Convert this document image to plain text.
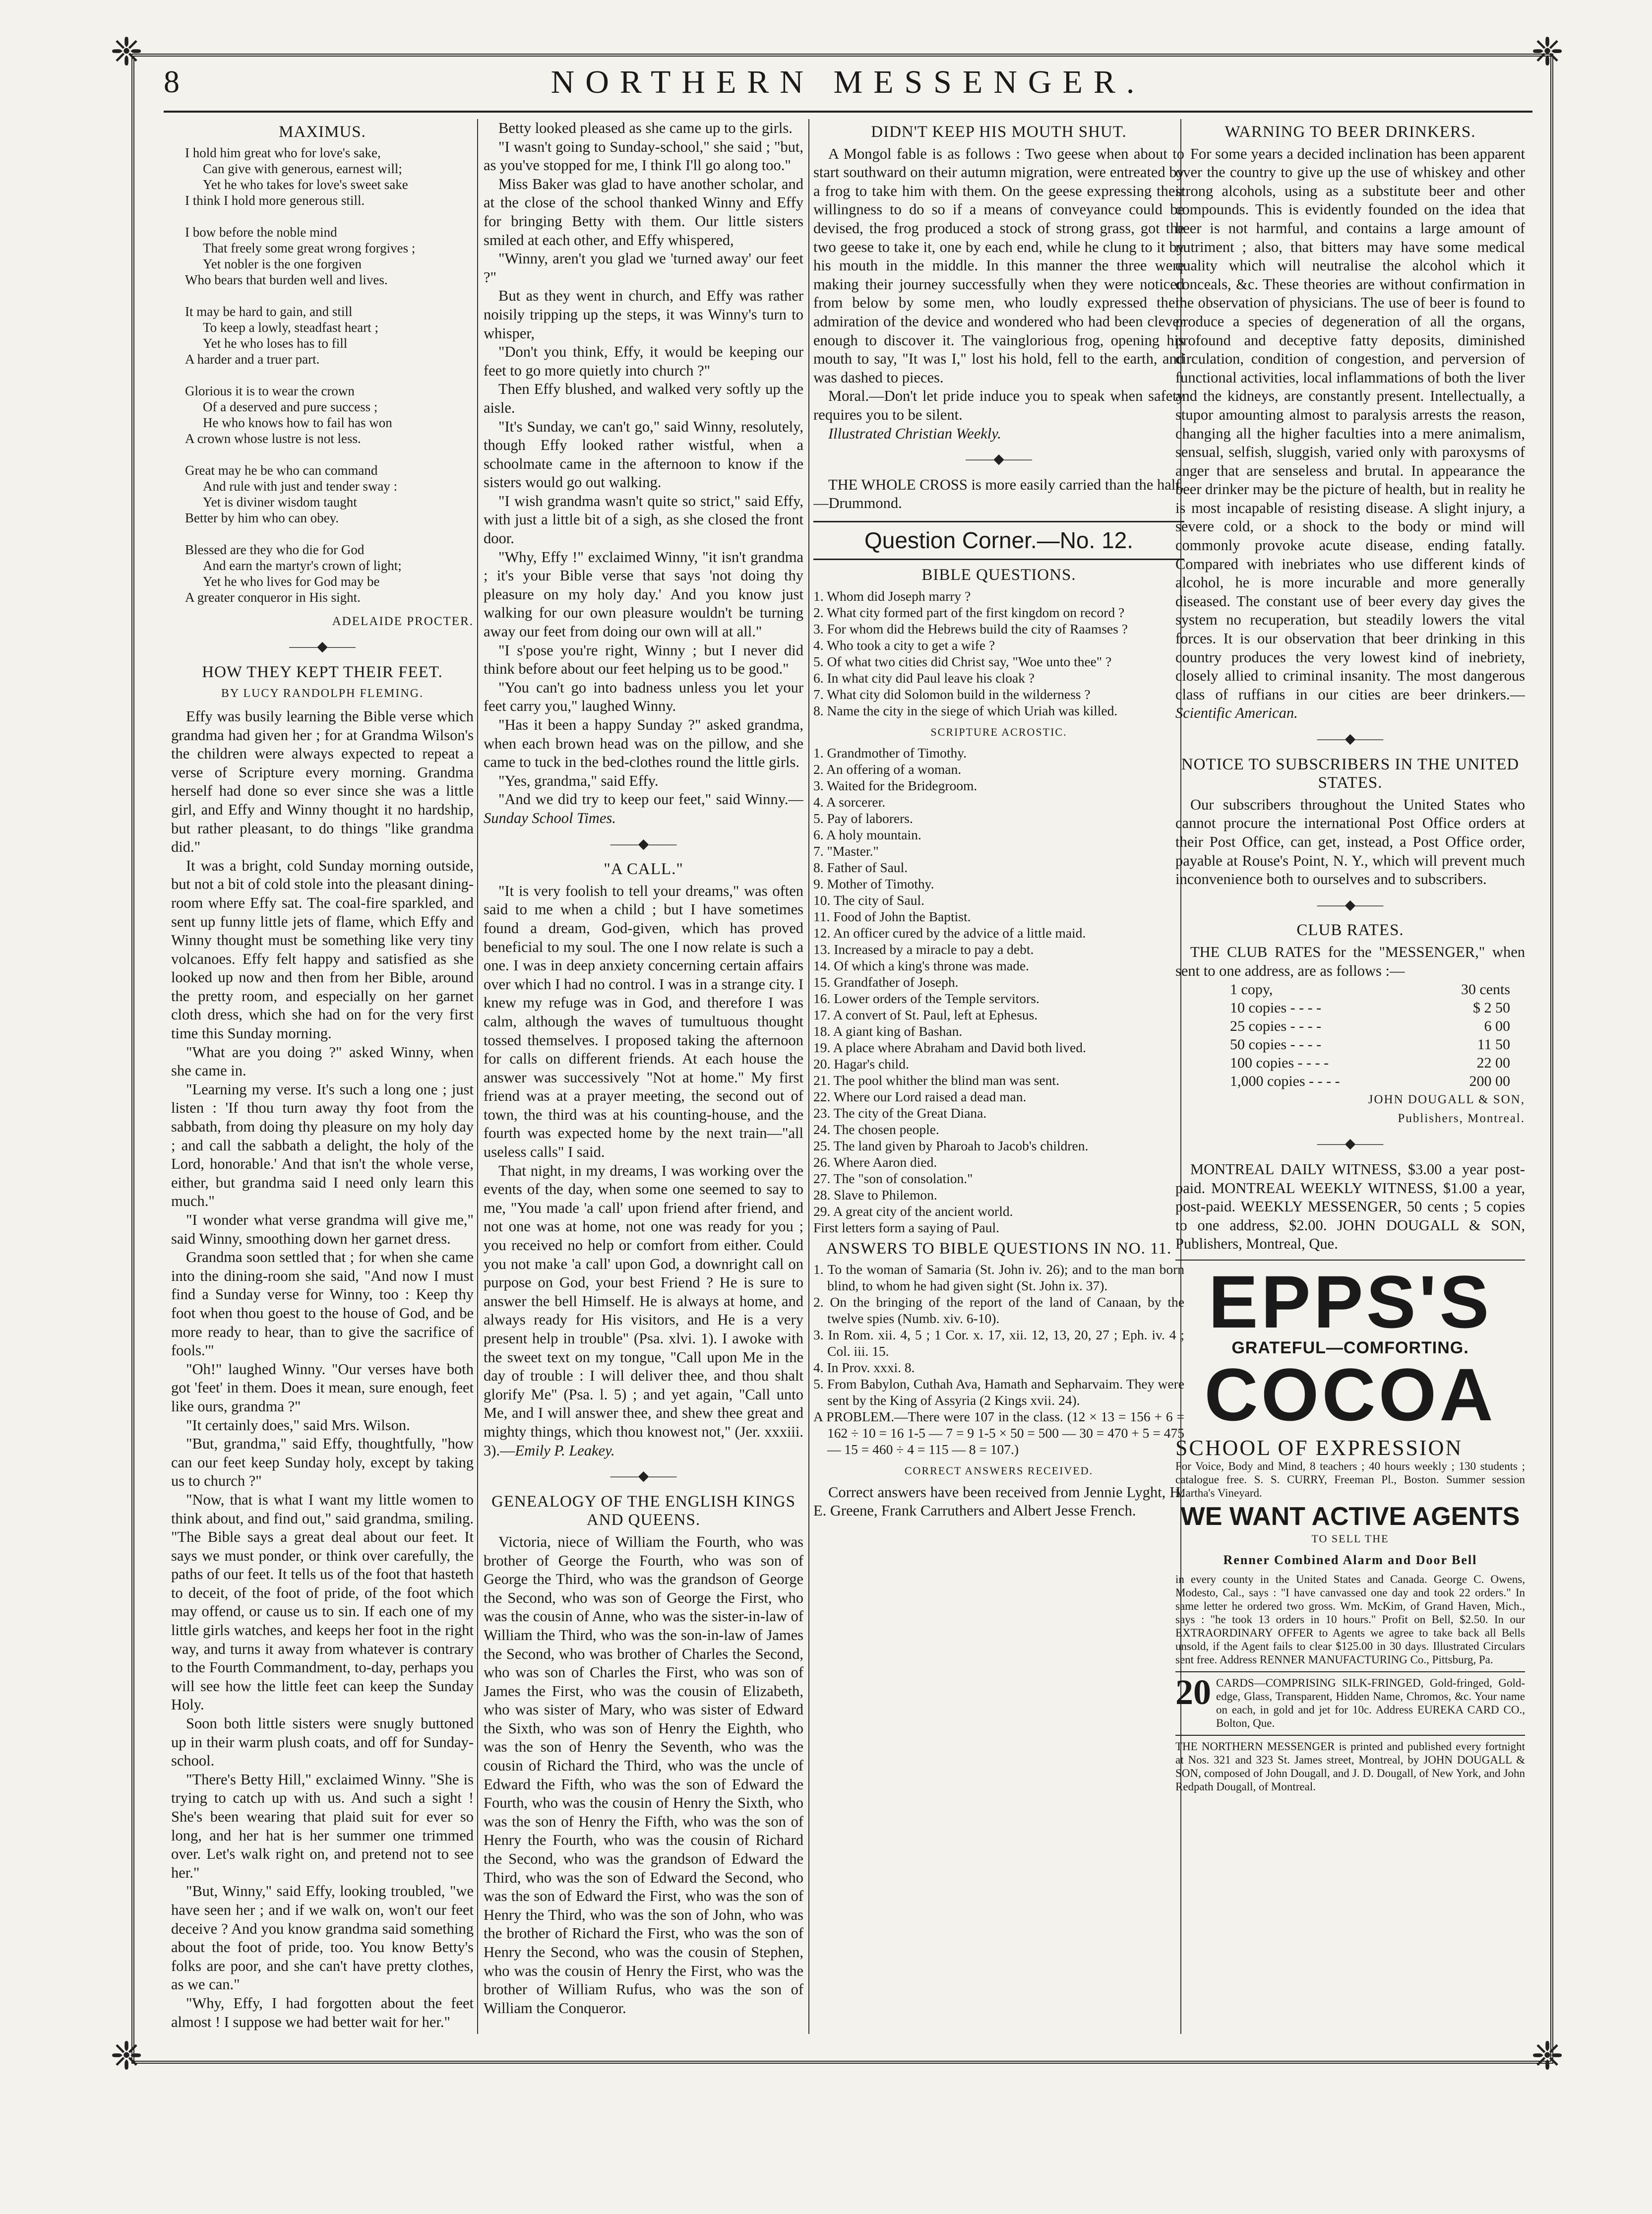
❈	❈
❈	❈
8	NORTHERN MESSENGER.
MAXIMUS.
I hold him great who for love's sake,
Can give with generous, earnest will;
Yet he who takes for love's sweet sake
I think I hold more generous still.

I bow before the noble mind
That freely some great wrong forgives ;
Yet nobler is the one forgiven
Who bears that burden well and lives.

It may be hard to gain, and still
To keep a lowly, steadfast heart ;
Yet he who loses has to fill
A harder and a truer part.

Glorious it is to wear the crown
Of a deserved and pure success ;
He who knows how to fail has won
A crown whose lustre is not less.

Great may he be who can command
And rule with just and tender sway :
Yet is diviner wisdom taught
Better by him who can obey.

Blessed are they who die for God
And earn the martyr's crown of light;
Yet he who lives for God may be
A greater conqueror in His sight.
ADELAIDE PROCTER.
——◆——
HOW THEY KEPT THEIR FEET.
BY LUCY RANDOLPH FLEMING.

Effy was busily learning the Bible verse which grandma had given her ; for at Grandma Wilson's the children were always expected to repeat a verse of Scripture every morning. Grandma herself had done so ever since she was a little girl, and Effy and Winny thought it no hardship, but rather pleasant, to do things "like grandma did."

It was a bright, cold Sunday morning outside, but not a bit of cold stole into the pleasant dining-room where Effy sat. The coal-fire sparkled, and sent up funny little jets of flame, which Effy and Winny thought must be something like very tiny volcanoes. Effy felt happy and satisfied as she looked up now and then from her Bible, around the pretty room, and especially on her garnet cloth dress, which she had on for the very first time this Sunday morning.

"What are you doing ?" asked Winny, when she came in.

"Learning my verse. It's such a long one ; just listen : 'If thou turn away thy foot from the sabbath, from doing thy pleasure on my holy day ; and call the sabbath a delight, the holy of the Lord, honorable.' And that isn't the whole verse, either, but grandma said I need only learn this much."

"I wonder what verse grandma will give me," said Winny, smoothing down her garnet dress.

Grandma soon settled that ; for when she came into the dining-room she said, "And now I must find a Sunday verse for Winny, too : Keep thy foot when thou goest to the house of God, and be more ready to hear, than to give the sacrifice of fools.'"

"Oh!" laughed Winny. "Our verses have both got 'feet' in them. Does it mean, sure enough, feet like ours, grandma ?"

"It certainly does," said Mrs. Wilson.

"But, grandma," said Effy, thoughtfully, "how can our feet keep Sunday holy, except by taking us to church ?"

"Now, that is what I want my little women to think about, and find out," said grandma, smiling. "The Bible says a great deal about our feet. It says we must ponder, or think over carefully, the paths of our feet. It tells us of the foot that hasteth to deceit, of the foot of pride, of the foot which may offend, or cause us to sin. If each one of my little girls watches, and keeps her foot in the right way, and turns it away from whatever is contrary to the Fourth Commandment, to-day, perhaps you will see how the little feet can keep the Sunday Holy.

Soon both little sisters were snugly buttoned up in their warm plush coats, and off for Sunday-school.

"There's Betty Hill," exclaimed Winny. "She is trying to catch up with us. And such a sight ! She's been wearing that plaid suit for ever so long, and her hat is her summer one trimmed over. Let's walk right on, and pretend not to see her."

"But, Winny," said Effy, looking troubled, "we have seen her ; and if we walk on, won't our feet deceive ? And you know grandma said something about the foot of pride, too. You know Betty's folks are poor, and she can't have pretty clothes, as we can."

"Why, Effy, I had forgotten about the feet almost ! I suppose we had better wait for her."

Betty looked pleased as she came up to the girls.

"I wasn't going to Sunday-school," she said ; "but, as you've stopped for me, I think I'll go along too."

Miss Baker was glad to have another scholar, and at the close of the school thanked Winny and Effy for bringing Betty with them. Our little sisters smiled at each other, and Effy whispered,

"Winny, aren't you glad we 'turned away' our feet ?"

But as they went in church, and Effy was rather noisily tripping up the steps, it was Winny's turn to whisper,

"Don't you think, Effy, it would be keeping our feet to go more quietly into church ?"

Then Effy blushed, and walked very softly up the aisle.

"It's Sunday, we can't go," said Winny, resolutely, though Effy looked rather wistful, when a schoolmate came in the afternoon to know if the sisters would go out walking.

"I wish grandma wasn't quite so strict," said Effy, with just a little bit of a sigh, as she closed the front door.

"Why, Effy !" exclaimed Winny, "it isn't grandma ; it's your Bible verse that says 'not doing thy pleasure on my holy day.' And you know just walking for our own pleasure wouldn't be turning away our feet from doing our own will at all."

"I s'pose you're right, Winny ; but I never did think before about our feet helping us to be good."

"You can't go into badness unless you let your feet carry you," laughed Winny.

"Has it been a happy Sunday ?" asked grandma, when each brown head was on the pillow, and she came to tuck in the bed-clothes round the little girls.

"Yes, grandma," said Effy.

"And we did try to keep our feet," said Winny.—Sunday School Times.

——◆——
"A CALL."

"It is very foolish to tell your dreams," was often said to me when a child ; but I have sometimes found a dream, God-given, which has proved beneficial to my soul. The one I now relate is such a one. I was in deep anxiety concerning certain affairs over which I had no control. I was in a strange city. I knew my refuge was in God, and therefore I was calm, although the waves of tumultuous thought tossed themselves. I proposed taking the afternoon for calls on different friends. At each house the answer was successively "Not at home." My first friend was at a prayer meeting, the second out of town, the third was at his counting-house, and the fourth was expected home by the next train—"all useless calls" I said.

That night, in my dreams, I was working over the events of the day, when some one seemed to say to me, "You made 'a call' upon friend after friend, and not one was at home, not one was ready for you ; you received no help or comfort from either. Could you not make 'a call' upon God, a downright call on purpose on God, your best Friend ? He is sure to answer the bell Himself. He is always at home, and always ready for His visitors, and He is a very present help in trouble" (Psa. xlvi. 1). I awoke with the sweet text on my tongue, "Call upon Me in the day of trouble : I will deliver thee, and thou shalt glorify Me" (Psa. l. 5) ; and yet again, "Call unto Me, and I will answer thee, and shew thee great and mighty things, which thou knowest not," (Jer. xxxiii. 3).—Emily P. Leakey.

——◆——
GENEALOGY OF THE ENGLISH KINGS AND QUEENS.

Victoria, niece of William the Fourth, who was brother of George the Fourth, who was son of George the Third, who was the grandson of George the Second, who was son of George the First, who was the cousin of Anne, who was the sister-in-law of William the Third, who was the son-in-law of James the Second, who was brother of Charles the Second, who was son of Charles the First, who was son of James the First, who was the cousin of Elizabeth, who was sister of Mary, who was sister of Edward the Sixth, who was son of Henry the Eighth, who was the son of Henry the Seventh, who was the cousin of Richard the Third, who was the uncle of Edward the Fifth, who was the son of Edward the Fourth, who was the cousin of Henry the Sixth, who was the son of Henry the Fifth, who was the son of Henry the Fourth, who was the cousin of Richard the Second, who was the grandson of Edward the Third, who was the son of Edward the Second, who was the son of Edward the First, who was the son of Henry the Third, who was the son of John, who was the brother of Richard the First, who was the son of Henry the Second, who was the cousin of Stephen, who was the cousin of Henry the First, who was the brother of William Rufus, who was the son of William the Conqueror.

DIDN'T KEEP HIS MOUTH SHUT.

A Mongol fable is as follows : Two geese when about to start southward on their autumn migration, were entreated by a frog to take him with them. On the geese expressing their willingness to do so if a means of conveyance could be devised, the frog produced a stock of strong grass, got the two geese to take it, one by each end, while he clung to it by his mouth in the middle. In this manner the three were making their journey successfully when they were noticed from below by some men, who loudly expressed their admiration of the device and wondered who had been clever enough to discover it. The vainglorious frog, opening his mouth to say, "It was I," lost his hold, fell to the earth, and was dashed to pieces.

Moral.—Don't let pride induce you to speak when safety requires you to be silent.

Illustrated Christian Weekly.

——◆——

THE WHOLE CROSS is more easily carried than the half.—Drummond.

Question Corner.—No. 12.
BIBLE QUESTIONS.
1. Whom did Joseph marry ?
2. What city formed part of the first kingdom on record ?
3. For whom did the Hebrews build the city of Raamses ?
4. Who took a city to get a wife ?
5. Of what two cities did Christ say, "Woe unto thee" ?
6. In what city did Paul leave his cloak ?
7. What city did Solomon build in the wilderness ?
8. Name the city in the siege of which Uriah was killed.
SCRIPTURE ACROSTIC.
1. Grandmother of Timothy.
2. An offering of a woman.
3. Waited for the Bridegroom.
4. A sorcerer.
5. Pay of laborers.
6. A holy mountain.
7. "Master."
8. Father of Saul.
9. Mother of Timothy.
10. The city of Saul.
11. Food of John the Baptist.
12. An officer cured by the advice of a little maid.
13. Increased by a miracle to pay a debt.
14. Of which a king's throne was made.
15. Grandfather of Joseph.
16. Lower orders of the Temple servitors.
17. A convert of St. Paul, left at Ephesus.
18. A giant king of Bashan.
19. A place where Abraham and David both lived.
20. Hagar's child.
21. The pool whither the blind man was sent.
22. Where our Lord raised a dead man.
23. The city of the Great Diana.
24. The chosen people.
25. The land given by Pharoah to Jacob's children.
26. Where Aaron died.
27. The "son of consolation."
28. Slave to Philemon.
29. A great city of the ancient world.
First letters form a saying of Paul.
ANSWERS TO BIBLE QUESTIONS IN NO. 11.
1. To the woman of Samaria (St. John iv. 26); and to the man born blind, to whom he had given sight (St. John ix. 37).
2. On the bringing of the report of the land of Canaan, by the twelve spies (Numb. xiv. 6-10).
3. In Rom. xii. 4, 5 ; 1 Cor. x. 17, xii. 12, 13, 20, 27 ; Eph. iv. 4 ; Col. iii. 15.
4. In Prov. xxxi. 8.
5. From Babylon, Cuthah Ava, Hamath and Sepharvaim. They were sent by the King of Assyria (2 Kings xvii. 24).
A PROBLEM.—There were 107 in the class. (12 × 13 = 156 + 6 = 162 ÷ 10 = 16 1-5 — 7 = 9 1-5 × 50 = 500 — 30 = 470 + 5 = 475 — 15 = 460 ÷ 4 = 115 — 8 = 107.)
CORRECT ANSWERS RECEIVED.

Correct answers have been received from Jennie Lyght, H. E. Greene, Frank Carruthers and Albert Jesse French.

WARNING TO BEER DRINKERS.

For some years a decided inclination has been apparent over the country to give up the use of whiskey and other strong alcohols, using as a substitute beer and other compounds. This is evidently founded on the idea that beer is not harmful, and contains a large amount of nutriment ; also, that bitters may have some medical quality which will neutralise the alcohol which it conceals, &c. These theories are without confirmation in the observation of physicians. The use of beer is found to produce a species of degeneration of all the organs, profound and deceptive fatty deposits, diminished circulation, condition of congestion, and perversion of functional activities, local inflammations of both the liver and the kidneys, are constantly present. Intellectually, a stupor amounting almost to paralysis arrests the reason, changing all the higher faculties into a mere animalism, sensual, selfish, sluggish, varied only with paroxysms of anger that are senseless and brutal. In appearance the beer drinker may be the picture of health, but in reality he is most incapable of resisting disease. A slight injury, a severe cold, or a shock to the body or mind will commonly provoke acute disease, ending fatally. Compared with inebriates who use different kinds of alcohol, he is more incurable and more generally diseased. The constant use of beer every day gives the system no recuperation, but steadily lowers the vital forces. It is our observation that beer drinking in this country produces the very lowest kind of inebriety, closely allied to criminal insanity. The most dangerous class of ruffians in our cities are beer drinkers.—Scientific American.

——◆——
NOTICE TO SUBSCRIBERS IN THE UNITED STATES.

Our subscribers throughout the United States who cannot procure the international Post Office orders at their Post Office, can get, instead, a Post Office order, payable at Rouse's Point, N. Y., which will prevent much inconvenience both to ourselves and to subscribers.

——◆——
CLUB RATES.

THE CLUB RATES for the "MESSENGER," when sent to one address, are as follows :—

1 copy,	30 cents
10 copies - - - -	$ 2 50
25 copies - - - -	6 00
50 copies - - - -	11 50
100 copies - - - -	22 00
1,000 copies - - - -	200 00
JOHN DOUGALL & SON,
Publishers, Montreal.
——◆——

MONTREAL DAILY WITNESS, $3.00 a year post-paid. MONTREAL WEEKLY WITNESS, $1.00 a year, post-paid. WEEKLY MESSENGER, 50 cents ; 5 copies to one address, $2.00. JOHN DOUGALL & SON, Publishers, Montreal, Que.

EPPS'S
GRATEFUL—COMFORTING.
COCOA
SCHOOL OF EXPRESSION
For Voice, Body and Mind, 8 teachers ; 40 hours weekly ; 130 students ; catalogue free. S. S. CURRY, Freeman Pl., Boston. Summer session Martha's Vineyard.
WE WANT ACTIVE AGENTS
TO SELL THE
Renner Combined Alarm and Door Bell
in every county in the United States and Canada. George C. Owens, Modesto, Cal., says : "I have canvassed one day and took 22 orders." In same letter he ordered two gross. Wm. McKim, of Grand Haven, Mich., says : "he took 13 orders in 10 hours." Profit on Bell, $2.50. In our EXTRAORDINARY OFFER to Agents we agree to take back all Bells unsold, if the Agent fails to clear $125.00 in 30 days. Illustrated Circulars sent free. Address RENNER MANUFACTURING Co., Pittsburg, Pa.
20 CARDS—COMPRISING SILK-FRINGED, Gold-fringed, Gold-edge, Glass, Transparent, Hidden Name, Chromos, &c. Your name on each, in gold and jet for 10c. Address EUREKA CARD CO., Bolton, Que.
THE NORTHERN MESSENGER is printed and published every fortnight at Nos. 321 and 323 St. James street, Montreal, by JOHN DOUGALL & SON, composed of John Dougall, and J. D. Dougall, of New York, and John Redpath Dougall, of Montreal.
